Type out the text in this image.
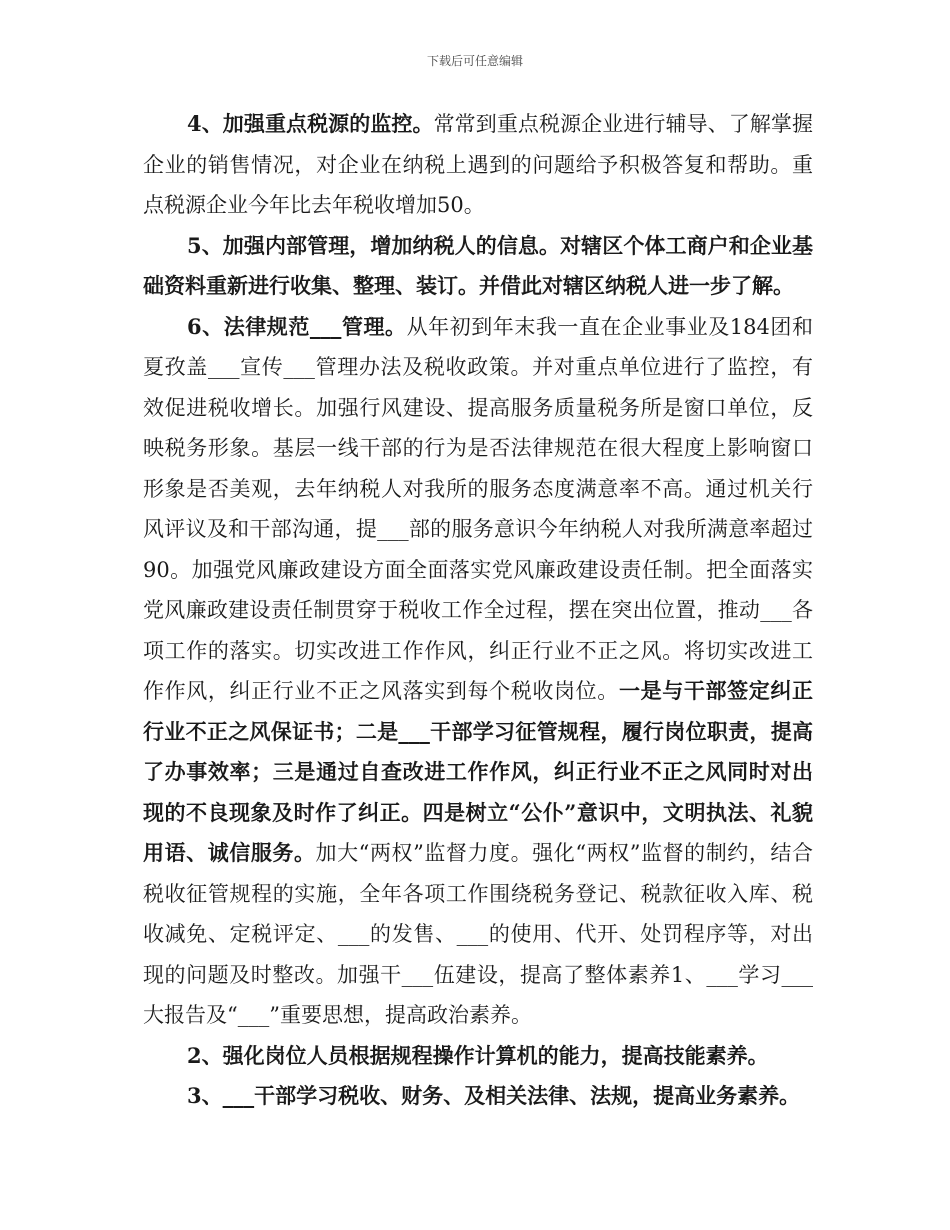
下载后可任意编辑

4、加强重点税源的监控。常常到重点税源企业进行辅导、了解掌握企业的销售情况，对企业在纳税上遇到的问题给予积极答复和帮助。重点税源企业今年比去年税收增加50。

5、加强内部管理，增加纳税人的信息。对辖区个体工商户和企业基础资料重新进行收集、整理、装订。并借此对辖区纳税人进一步了解。

6、法律规范___管理。从年初到年末我一直在企业事业及184团和夏孜盖___宣传___管理办法及税收政策。并对重点单位进行了监控，有效促进税收增长。加强行风建设、提高服务质量税务所是窗口单位，反映税务形象。基层一线干部的行为是否法律规范在很大程度上影响窗口形象是否美观，去年纳税人对我所的服务态度满意率不高。通过机关行风评议及和干部沟通，提___部的服务意识今年纳税人对我所满意率超过90。加强党风廉政建设方面全面落实党风廉政建设责任制。把全面落实党风廉政建设责任制贯穿于税收工作全过程，摆在突出位置，推动___各项工作的落实。切实改进工作作风，纠正行业不正之风。将切实改进工作作风，纠正行业不正之风落实到每个税收岗位。一是与干部签定纠正行业不正之风保证书；二是___干部学习征管规程，履行岗位职责，提高了办事效率；三是通过自查改进工作作风，纠正行业不正之风同时对出现的不良现象及时作了纠正。四是树立“公仆”意识中，文明执法、礼貌用语、诚信服务。加大“两权”监督力度。强化“两权”监督的制约，结合税收征管规程的实施，全年各项工作围绕税务登记、税款征收入库、税收减免、定税评定、___的发售、___的使用、代开、处罚程序等，对出现的问题及时整改。加强干___伍建设，提高了整体素养1、___学习___大报告及“___”重要思想，提高政治素养。

2、强化岗位人员根据规程操作计算机的能力，提高技能素养。

3、___干部学习税收、财务、及相关法律、法规，提高业务素养。
